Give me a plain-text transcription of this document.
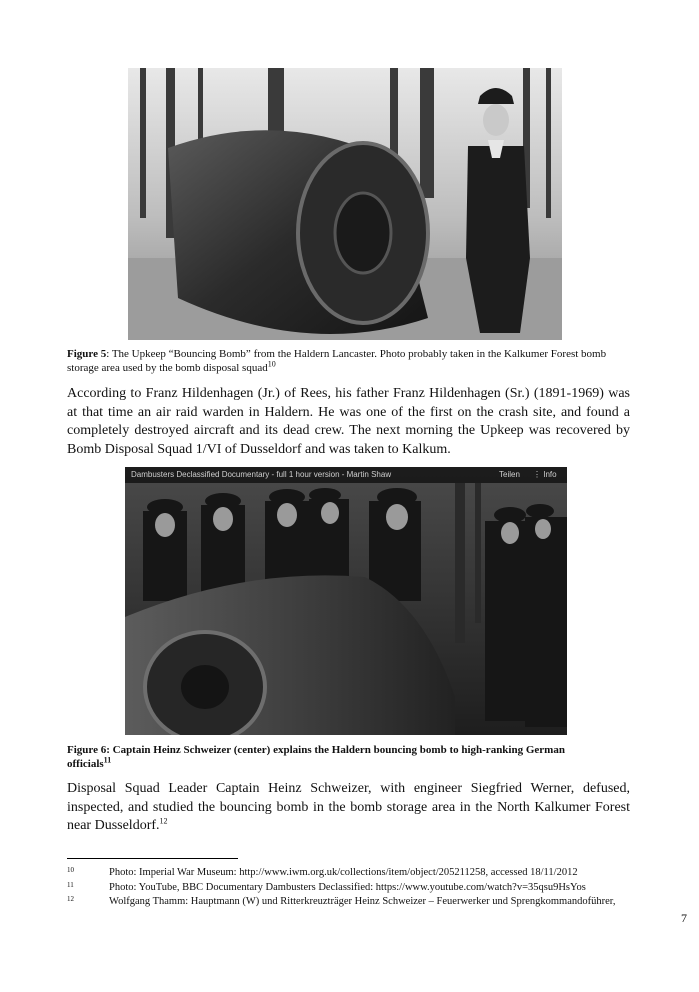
Figure 5: The Upkeep “Bouncing Bomb” from the Haldern Lancaster. Photo probably taken in the Kalkumer Forest bomb storage area used by the bomb disposal squad$^{10}$
According to Franz Hildenhagen (Jr.) of Rees, his father Franz Hildenhagen (Sr.) (1891-1969) was at that time an air raid warden in Haldern. He was one of the first on the crash site, and found a completely destroyed aircraft and its dead crew. The next morning the Upkeep was recovered by Bomb Disposal Squad 1/VI of Dusseldorf and was taken to Kalkum.
Dambusters Declassified Documentary - full 1 hour version - Martin Shaw	Teilen ⋮ Info
Figure 6: Captain Heinz Schweizer (center) explains the Haldern bouncing bomb to high-ranking German officials$^{11}$
Disposal Squad Leader Captain Heinz Schweizer, with engineer Siegfried Werner, defused, inspected, and studied the bouncing bomb in the bomb storage area in the North Kalkumer Forest near Dusseldorf.$^{12}$
10	Photo: Imperial War Museum: http://www.iwm.org.uk/collections/item/object/205211258, accessed 18/11/2012
11	Photo: YouTube, BBC Documentary Dambusters Declassified: https://www.youtube.com/watch?v=35qsu9HsYos
12	Wolfgang Thamm: Hauptmann (W) und Ritterkreuzträger Heinz Schweizer – Feuerwerker und Sprengkommandoführer,
7
